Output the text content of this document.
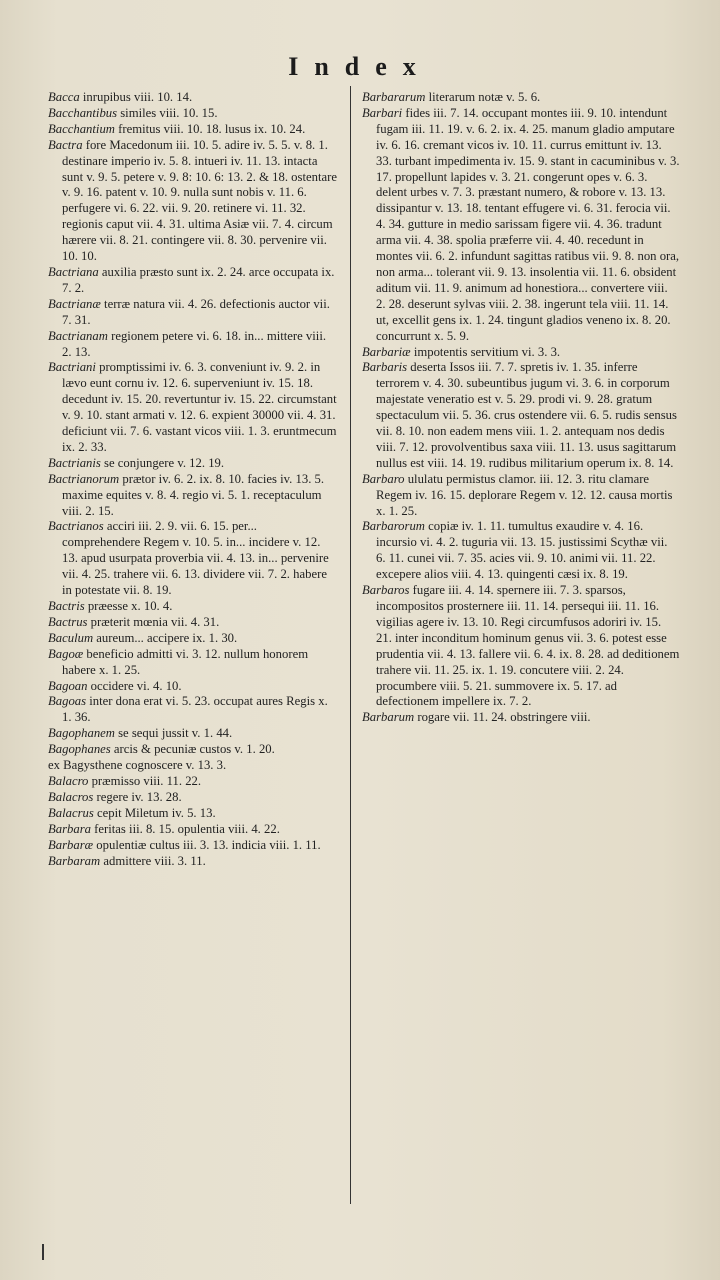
Index
Bacca inrupibus viii. 10. 14.
Bacchantibus similes viii. 10. 15.
Bacchantium fremitus viii. 10. 18. lusus ix. 10. 24.
Bactra fore Macedonum iii. 10. 5. adire iv. 5. 5. v. 8. 1. destinare imperio iv. 5. 8. intueri iv. 11. 13. intacta sunt v. 9. 5. petere v. 9. 8: 10. 6: 13. 2. & 18. ostentare v. 9. 16. patent v. 10. 9. nulla sunt nobis v. 11. 6. perfugere vi. 6. 22. vii. 9. 20. retinere vi. 11. 32. regionis caput vii. 4. 31. ultima Asiæ vii. 7. 4. circum hærere vii. 8. 21. contingere vii. 8. 30. pervenire vii. 10. 10.
Bactriana auxilia præsto sunt ix. 2. 24. arce occupata ix. 7. 2.
Bactrianæ terræ natura vii. 4. 26. defectionis auctor vii. 7. 31.
Bactrianam regionem petere vi. 6. 18. in... mittere viii. 2. 13.
Bactriani promptissimi iv. 6. 3. conveniunt iv. 9. 2. in lævo eunt cornu iv. 12. 6. superveniunt iv. 15. 18. decedunt iv. 15. 20. revertuntur iv. 15. 22. circumstant v. 9. 10. stant armati v. 12. 6. expient 30000 vii. 4. 31. deficiunt vii. 7. 6. vastant vicos viii. 1. 3. eruntmecum ix. 2. 33.
Bactrianis se conjungere v. 12. 19.
Bactrianorum prætor iv. 6. 2. ix. 8. 10. facies iv. 13. 5. maxime equites v. 8. 4. regio vi. 5. 1. receptaculum viii. 2. 15.
Bactrianos acciri iii. 2. 9. vii. 6. 15. per... comprehendere Regem v. 10. 5. in... incidere v. 12. 13. apud usurpata proverbia vii. 4. 13. in... pervenire vii. 4. 25. trahere vii. 6. 13. dividere vii. 7. 2. habere in potestate vii. 8. 19.
Bactris præesse x. 10. 4.
Bactrus præterit mœnia vii. 4. 31.
Baculum aureum... accipere ix. 1. 30.
Bagoæ beneficio admitti vi. 3. 12. nullum honorem habere x. 1. 25.
Bagoan occidere vi. 4. 10.
Bagoas inter dona erat vi. 5. 23. occupat aures Regis x. 1. 36.
Bagophanem se sequi jussit v. 1. 44.
Bagophanes arcis & pecuniæ custos v. 1. 20.
ex Bagysthene cognoscere v. 13. 3.
Balacro præmisso viii. 11. 22.
Balacros regere iv. 13. 28.
Balacrus cepit Miletum iv. 5. 13.
Barbara feritas iii. 8. 15. opulentia viii. 4. 22.
Barbaræ opulentiæ cultus iii. 3. 13. indicia viii. 1. 11.
Barbaram admittere viii. 3. 11.
Barbararum literarum notæ v. 5. 6.
Barbari fides iii. 7. 14. occupant montes iii. 9. 10. intendunt fugam iii. 11. 19. v. 6. 2. ix. 4. 25. manum gladio amputare iv. 6. 16. cremant vicos iv. 10. 11. currus emittunt iv. 13. 33. turbant impedimenta iv. 15. 9. stant in cacuminibus v. 3. 17. propellunt lapides v. 3. 21. congerunt opes v. 6. 3. delent urbes v. 7. 3. præstant numero, & robore v. 13. 13. dissipantur v. 13. 18. tentant effugere vi. 6. 31. ferocia vii. 4. 34. gutture in medio sarissam figere vii. 4. 36. tradunt arma vii. 4. 38. spolia præferre vii. 4. 40. recedunt in montes vii. 6. 2. infundunt sagittas ratibus vii. 9. 8. non ora, non arma... tolerant vii. 9. 13. insolentia vii. 11. 6. obsident aditum vii. 11. 9. animum ad honestiora... convertere viii. 2. 28. deserunt sylvas viii. 2. 38. ingerunt tela viii. 11. 14. ut, excellit gens ix. 1. 24. tingunt gladios veneno ix. 8. 20. concurrunt x. 5. 9.
Barbariæ impotentis servitium vi. 3. 3.
Barbaris deserta Issos iii. 7. 7. spretis iv. 1. 35. inferre terrorem v. 4. 30. subeuntibus jugum vi. 3. 6. in corporum majestate veneratio est v. 5. 29. prodi vi. 9. 28. gratum spectaculum vii. 5. 36. crus ostendere vii. 6. 5. rudis sensus vii. 8. 10. non eadem mens viii. 1. 2. antequam nos dedis viii. 7. 12. provolventibus saxa viii. 11. 13. usus sagittarum nullus est viii. 14. 19. rudibus militarium operum ix. 8. 14.
Barbaro ululatu permistus clamor. iii. 12. 3. ritu clamare Regem iv. 16. 15. deplorare Regem v. 12. 12. causa mortis x. 1. 25.
Barbarorum copiæ iv. 1. 11. tumultus exaudire v. 4. 16. incursio vi. 4. 2. tuguria vii. 13. 15. justissimi Scythæ vii. 6. 11. cunei vii. 7. 35. acies vii. 9. 10. animi vii. 11. 22. excepere alios viii. 4. 13. quingenti cæsi ix. 8. 19.
Barbaros fugare iii. 4. 14. spernere iii. 7. 3. sparsos, incompositos prosternere iii. 11. 14. persequi iii. 11. 16. vigilias agere iv. 13. 10. Regi circumfusos adoriri iv. 15. 21. inter inconditum hominum genus vii. 3. 6. potest esse prudentia vii. 4. 13. fallere vii. 6. 4. ix. 8. 28. ad deditionem trahere vii. 11. 25. ix. 1. 19. concutere viii. 2. 24. procumbere viii. 5. 21. summovere ix. 5. 17. ad defectionem impellere ix. 7. 2.
Barbarum rogare vii. 11. 24. obstringere viii.
